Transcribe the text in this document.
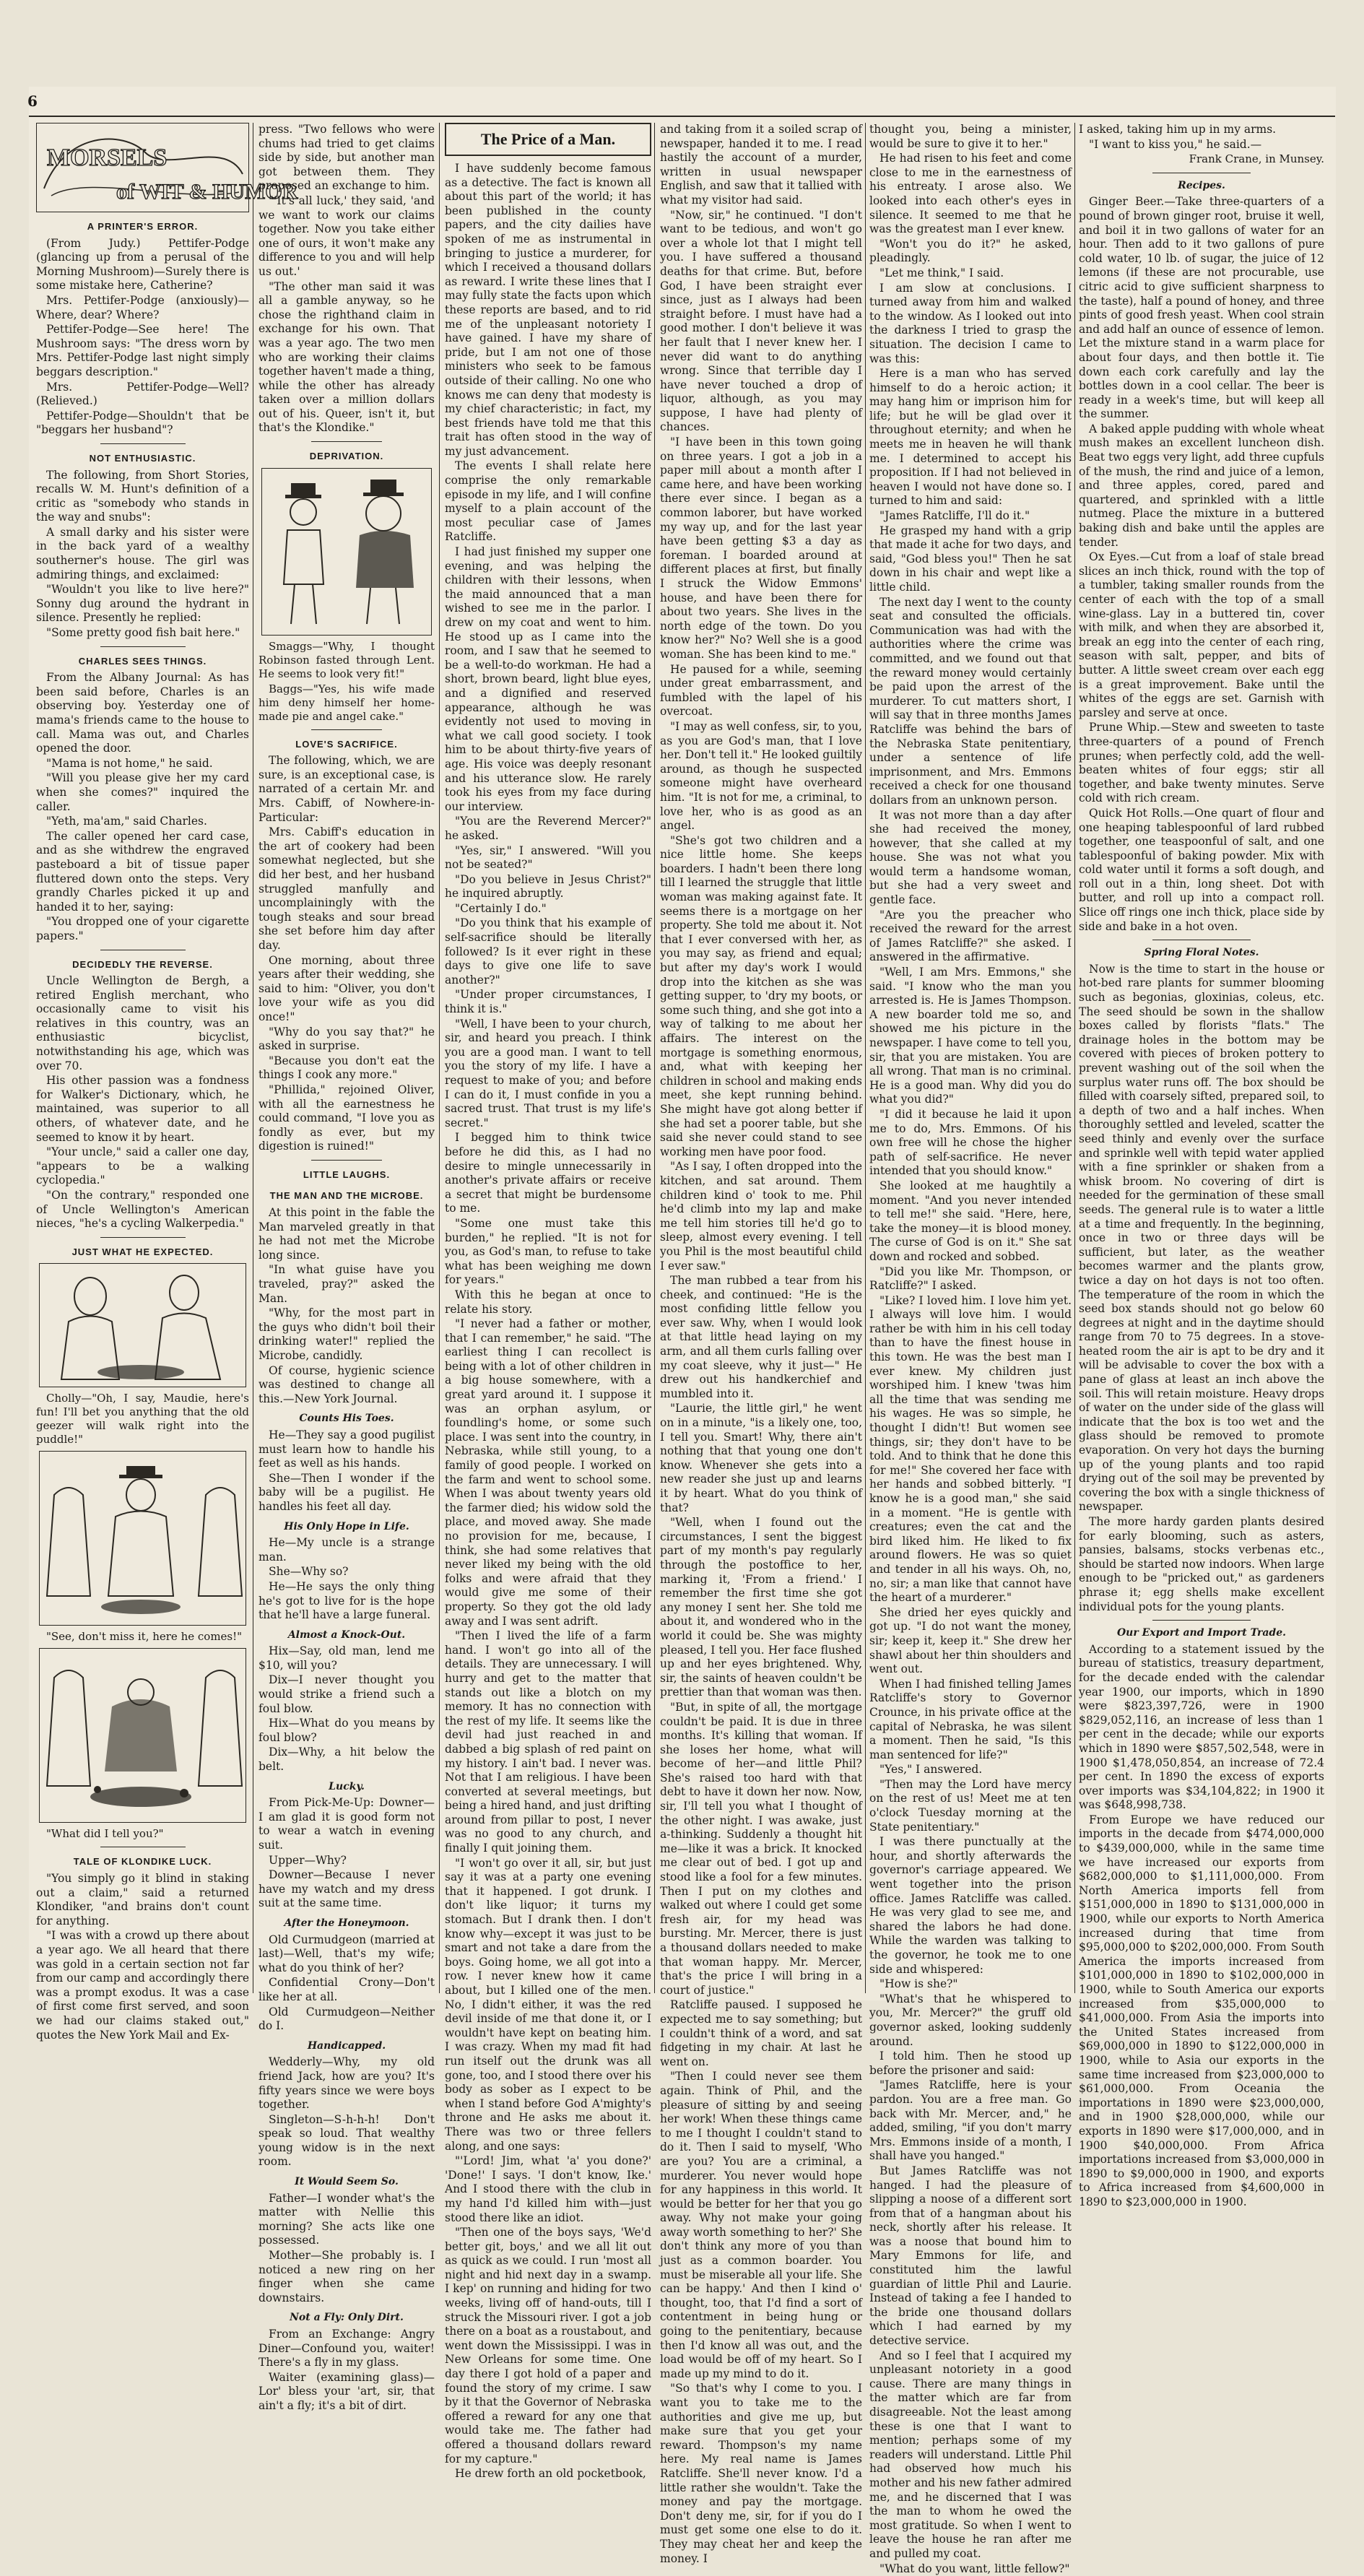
6
MORSELS
of WIT & HUMOR
A PRINTER'S ERROR.

(From Judy.) Pettifer-Podge (glancing up from a perusal of the Morning Mushroom)—Surely there is some mistake here, Catherine?

Mrs. Pettifer-Podge (anxiously)—Where, dear? Where?

Pettifer-Podge—See here! The Mushroom says: "The dress worn by Mrs. Pettifer-Podge last night simply beggars description."

Mrs. Pettifer-Podge—Well? (Relieved.)

Pettifer-Podge—Shouldn't that be "beggars her husband"?

NOT ENTHUSIASTIC.

The following, from Short Stories, recalls W. M. Hunt's definition of a critic as "somebody who stands in the way and snubs":

A small darky and his sister were in the back yard of a wealthy southerner's house. The girl was admiring things, and exclaimed:

"Wouldn't you like to live here?" Sonny dug around the hydrant in silence. Presently he replied:

"Some pretty good fish bait here."

CHARLES SEES THINGS.

From the Albany Journal: As has been said before, Charles is an observing boy. Yesterday one of mama's friends came to the house to call. Mama was out, and Charles opened the door.

"Mama is not home," he said.

"Will you please give her my card when she comes?" inquired the caller.

"Yeth, ma'am," said Charles.

The caller opened her card case, and as she withdrew the engraved pasteboard a bit of tissue paper fluttered down onto the steps. Very grandly Charles picked it up and handed it to her, saying:

"You dropped one of your cigarette papers."

DECIDEDLY THE REVERSE.

Uncle Wellington de Bergh, a retired English merchant, who occasionally came to visit his relatives in this country, was an enthusiastic bicyclist, notwithstanding his age, which was over 70.

His other passion was a fondness for Walker's Dictionary, which, he maintained, was superior to all others, of whatever date, and he seemed to know it by heart.

"Your uncle," said a caller one day, "appears to be a walking cyclopedia."

"On the contrary," responded one of Uncle Wellington's American nieces, "he's a cycling Walkerpedia."

JUST WHAT HE EXPECTED.

Cholly—"Oh, I say, Maudie, here's fun! I'll bet you anything that the old geezer will walk right into the puddle!"

"See, don't miss it, here he comes!"

"What did I tell you?"

TALE OF KLONDIKE LUCK.

"You simply go it blind in staking out a claim," said a returned Klondiker, "and brains don't count for anything.

"I was with a crowd up there about a year ago. We all heard that there was gold in a certain section not far from our camp and accordingly there was a prompt exodus. It was a case of first come first served, and soon we had our claims staked out," quotes the New York Mail and Ex-

press. "Two fellows who were chums had tried to get claims side by side, but another man got between them. They proposed an exchange to him.

"'It's all luck,' they said, 'and we want to work our claims together. Now you take either one of ours, it won't make any difference to you and will help us out.'

"The other man said it was all a gamble anyway, so he chose the righthand claim in exchange for his own. That was a year ago. The two men who are working their claims together haven't made a thing, while the other has already taken over a million dollars out of his. Queer, isn't it, but that's the Klondike."

DEPRIVATION.

Smaggs—"Why, I thought Robinson fasted through Lent. He seems to look very fit!"

Baggs—"Yes, his wife made him deny himself her home-made pie and angel cake."

LOVE'S SACRIFICE.

The following, which, we are sure, is an exceptional case, is narrated of a certain Mr. and Mrs. Cabiff, of Nowhere-in-Particular:

Mrs. Cabiff's education in the art of cookery had been somewhat neglected, but she did her best, and her husband struggled manfully and uncomplainingly with the tough steaks and sour bread she set before him day after day.

One morning, about three years after their wedding, she said to him: "Oliver, you don't love your wife as you did once!"

"Why do you say that?" he asked in surprise.

"Because you don't eat the things I cook any more."

"Phillida," rejoined Oliver, with all the earnestness he could command, "I love you as fondly as ever, but my digestion is ruined!"

LITTLE LAUGHS.
THE MAN AND THE MICROBE.

At this point in the fable the Man marveled greatly in that he had not met the Microbe long since.

"In what guise have you traveled, pray?" asked the Man.

"Why, for the most part in the guys who didn't boil their drinking water!" replied the Microbe, candidly.

Of course, hygienic science was destined to change all this.—New York Journal.

Counts His Toes.

He—They say a good pugilist must learn how to handle his feet as well as his hands.

She—Then I wonder if the baby will be a pugilist. He handles his feet all day.

His Only Hope in Life.

He—My uncle is a strange man.

She—Why so?

He—He says the only thing he's got to live for is the hope that he'll have a large funeral.

Almost a Knock-Out.

Hix—Say, old man, lend me $10, will you?

Dix—I never thought you would strike a friend such a foul blow.

Hix—What do you means by foul blow?

Dix—Why, a hit below the belt.

Lucky.

From Pick-Me-Up: Downer—I am glad it is good form not to wear a watch in evening suit.

Upper—Why?

Downer—Because I never have my watch and my dress suit at the same time.

After the Honeymoon.

Old Curmudgeon (married at last)—Well, that's my wife; what do you think of her?

Confidential Crony—Don't like her at all.

Old Curmudgeon—Neither do I.

Handicapped.

Wedderly—Why, my old friend Jack, how are you? It's fifty years since we were boys together.

Singleton—S-h-h-h! Don't speak so loud. That wealthy young widow is in the next room.

It Would Seem So.

Father—I wonder what's the matter with Nellie this morning? She acts like one possessed.

Mother—She probably is. I noticed a new ring on her finger when she came downstairs.

Not a Fly: Only Dirt.

From an Exchange: Angry Diner—Confound you, waiter! There's a fly in my glass.

Waiter (examining glass)—Lor' bless your 'art, sir, that ain't a fly; it's a bit of dirt.

The Price of a Man.

I have suddenly become famous as a detective. The fact is known all about this part of the world; it has been published in the county papers, and the city dailies have spoken of me as instrumental in bringing to justice a murderer, for which I received a thousand dollars as reward. I write these lines that I may fully state the facts upon which these reports are based, and to rid me of the unpleasant notoriety I have gained. I have my share of pride, but I am not one of those ministers who seek to be famous outside of their calling. No one who knows me can deny that modesty is my chief characteristic; in fact, my best friends have told me that this trait has often stood in the way of my just advancement.

The events I shall relate here comprise the only remarkable episode in my life, and I will confine myself to a plain account of the most peculiar case of James Ratcliffe.

I had just finished my supper one evening, and was helping the children with their lessons, when the maid announced that a man wished to see me in the parlor. I drew on my coat and went to him. He stood up as I came into the room, and I saw that he seemed to be a well-to-do workman. He had a short, brown beard, light blue eyes, and a dignified and reserved appearance, although he was evidently not used to moving in what we call good society. I took him to be about thirty-five years of age. His voice was deeply resonant and his utterance slow. He rarely took his eyes from my face during our interview.

"You are the Reverend Mercer?" he asked.

"Yes, sir," I answered. "Will you not be seated?"

"Do you believe in Jesus Christ?" he inquired abruptly.

"Certainly I do."

"Do you think that his example of self-sacrifice should be literally followed? Is it ever right in these days to give one life to save another?"

"Under proper circumstances, I think it is."

"Well, I have been to your church, sir, and heard you preach. I think you are a good man. I want to tell you the story of my life. I have a request to make of you; and before I can do it, I must confide in you a sacred trust. That trust is my life's secret."

I begged him to think twice before he did this, as I had no desire to mingle unnecessarily in another's private affairs or receive a secret that might be burdensome to me.

"Some one must take this burden," he replied. "It is not for you, as God's man, to refuse to take what has been weighing me down for years."

With this he began at once to relate his story.

"I never had a father or mother, that I can remember," he said. "The earliest thing I can recollect is being with a lot of other children in a big house somewhere, with a great yard around it. I suppose it was an orphan asylum, or foundling's home, or some such place. I was sent into the country, in Nebraska, while still young, to a family of good people. I worked on the farm and went to school some. When I was about twenty years old the farmer died; his widow sold the place, and moved away. She made no provision for me, because, I think, she had some relatives that never liked my being with the old folks and were afraid that they would give me some of their property. So they got the old lady away and I was sent adrift.

"Then I lived the life of a farm hand. I won't go into all of the details. They are unnecessary. I will hurry and get to the matter that stands out like a blotch on my memory. It has no connection with the rest of my life. It seems like the devil had just reached in and dabbed a big splash of red paint on my history. I ain't bad. I never was. Not that I am religious. I have been converted at several meetings, but being a hired hand, and just drifting around from pillar to post, I never was no good to any church, and finally I quit joining them.

"I won't go over it all, sir, but just say it was at a party one evening that it happened. I got drunk. I don't like liquor; it turns my stomach. But I drank then. I don't know why—except it was just to be smart and not take a dare from the boys. Going home, we all got into a row. I never knew how it came about, but I killed one of the men. No, I didn't either, it was the red devil inside of me that done it, or I wouldn't have kept on beating him. I was crazy. When my mad fit had run itself out the drunk was all gone, too, and I stood there over his body as sober as I expect to be when I stand before God A'mighty's throne and He asks me about it. There was two or three fellers along, and one says:

"'Lord! Jim, what 'a' you done?' 'Done!' I says. 'I don't know, Ike.' And I stood there with the club in my hand I'd killed him with—just stood there like an idiot.

"Then one of the boys says, 'We'd better git, boys,' and we all lit out as quick as we could. I run 'most all night and hid next day in a swamp. I kep' on running and hiding for two weeks, living off of hand-outs, till I struck the Missouri river. I got a job there on a boat as a roustabout, and went down the Mississippi. I was in New Orleans for some time. One day there I got hold of a paper and found the story of my crime. I saw by it that the Governor of Nebraska offered a reward for any one that would take me. The father had offered a thousand dollars reward for my capture."

He drew forth an old pocketbook,

and taking from it a soiled scrap of newspaper, handed it to me. I read hastily the account of a murder, written in usual newspaper English, and saw that it tallied with what my visitor had said.

"Now, sir," he continued. "I don't want to be tedious, and won't go over a whole lot that I might tell you. I have suffered a thousand deaths for that crime. But, before God, I have been straight ever since, just as I always had been straight before. I must have had a good mother. I don't believe it was her fault that I never knew her. I never did want to do anything wrong. Since that terrible day I have never touched a drop of liquor, although, as you may suppose, I have had plenty of chances.

"I have been in this town going on three years. I got a job in a paper mill about a month after I came here, and have been working there ever since. I began as a common laborer, but have worked my way up, and for the last year have been getting $3 a day as foreman. I boarded around at different places at first, but finally I struck the Widow Emmons' house, and have been there for about two years. She lives in the north edge of the town. Do you know her?" No? Well she is a good woman. She has been kind to me."

He paused for a while, seeming under great embarrassment, and fumbled with the lapel of his overcoat.

"I may as well confess, sir, to you, as you are God's man, that I love her. Don't tell it." He looked guiltily around, as though he suspected someone might have overheard him. "It is not for me, a criminal, to love her, who is as good as an angel.

"She's got two children and a nice little home. She keeps boarders. I hadn't been there long till I learned the struggle that little woman was making against fate. It seems there is a mortgage on her property. She told me about it. Not that I ever conversed with her, as you may say, as friend and equal; but after my day's work I would drop into the kitchen as she was getting supper, to 'dry my boots, or some such thing, and she got into a way of talking to me about her affairs. The interest on the mortgage is something enormous, and, what with keeping her children in school and making ends meet, she kept running behind. She might have got along better if she had set a poorer table, but she said she never could stand to see working men have poor food.

"As I say, I often dropped into the kitchen, and sat around. Them children kind o' took to me. Phil he'd climb into my lap and make me tell him stories till he'd go to sleep, almost every evening. I tell you Phil is the most beautiful child I ever saw."

The man rubbed a tear from his cheek, and continued: "He is the most confiding little fellow you ever saw. Why, when I would look at that little head laying on my arm, and all them curls falling over my coat sleeve, why it just—" He drew out his handkerchief and mumbled into it.

"Laurie, the little girl," he went on in a minute, "is a likely one, too, I tell you. Smart! Why, there ain't nothing that that young one don't know. Whenever she gets into a new reader she just up and learns it by heart. What do you think of that?

"Well, when I found out the circumstances, I sent the biggest part of my month's pay regularly through the postoffice to her, marking it, 'From a friend.' I remember the first time she got any money I sent her. She told me about it, and wondered who in the world it could be. She was mighty pleased, I tell you. Her face flushed up and her eyes brightened. Why, sir, the saints of heaven couldn't be prettier than that woman was then.

"But, in spite of all, the mortgage couldn't be paid. It is due in three months. It's killing that woman. If she loses her home, what will become of her—and little Phil? She's raised too hard with that debt to have it down her now. Now, sir, I'll tell you what I thought of the other night. I was awake, just a-thinking. Suddenly a thought hit me—like it was a brick. It knocked me clear out of bed. I got up and stood like a fool for a few minutes. Then I put on my clothes and walked out where I could get some fresh air, for my head was bursting. Mr. Mercer, there is just a thousand dollars needed to make that woman happy. Mr. Mercer, that's the price I will bring in a court of justice."

Ratcliffe paused. I supposed he expected me to say something; but I couldn't think of a word, and sat fidgeting in my chair. At last he went on.

"Then I could never see them again. Think of Phil, and the pleasure of sitting by and seeing her work! When these things came to me I thought I couldn't stand to do it. Then I said to myself, 'Who are you? You are a criminal, a murderer. You never would hope for any happiness in this world. It would be better for her that you go away. Why not make your going away worth something to her?' She don't think any more of you than just as a common boarder. You must be miserable all your life. She can be happy.' And then I kind o' thought, too, that I'd find a sort of contentment in being hung or going to the penitentiary, because then I'd know all was out, and the load would be off of my heart. So I made up my mind to do it.

"So that's why I come to you. I want you to take me to the authorities and give me up, but make sure that you get your reward. Thompson's my name here. My real name is James Ratcliffe. She'll never know. I'd a little rather she wouldn't. Take the money and pay the mortgage. Don't deny me, sir, for if you do I must get some one else to do it. They may cheat her and keep the money. I

thought you, being a minister, would be sure to give it to her."

He had risen to his feet and come close to me in the earnestness of his entreaty. I arose also. We looked into each other's eyes in silence. It seemed to me that he was the greatest man I ever knew.

"Won't you do it?" he asked, pleadingly.

"Let me think," I said.

I am slow at conclusions. I turned away from him and walked to the window. As I looked out into the darkness I tried to grasp the situation. The decision I came to was this:

Here is a man who has served himself to do a heroic action; it may hang him or imprison him for life; but he will be glad over it throughout eternity; and when he meets me in heaven he will thank me. I determined to accept his proposition. If I had not believed in heaven I would not have done so. I turned to him and said:

"James Ratcliffe, I'll do it."

He grasped my hand with a grip that made it ache for two days, and said, "God bless you!" Then he sat down in his chair and wept like a little child.

The next day I went to the county seat and consulted the officials. Communication was had with the authorities where the crime was committed, and we found out that the reward money would certainly be paid upon the arrest of the murderer. To cut matters short, I will say that in three months James Ratcliffe was behind the bars of the Nebraska State penitentiary, under a sentence of life imprisonment, and Mrs. Emmons received a check for one thousand dollars from an unknown person.

It was not more than a day after she had received the money, however, that she called at my house. She was not what you would term a handsome woman, but she had a very sweet and gentle face.

"Are you the preacher who received the reward for the arrest of James Ratcliffe?" she asked. I answered in the affirmative.

"Well, I am Mrs. Emmons," she said. "I know who the man you arrested is. He is James Thompson. A new boarder told me so, and showed me his picture in the newspaper. I have come to tell you, sir, that you are mistaken. You are all wrong. That man is no criminal. He is a good man. Why did you do what you did?"

"I did it because he laid it upon me to do, Mrs. Emmons. Of his own free will he chose the higher path of self-sacrifice. He never intended that you should know."

She looked at me haughtily a moment. "And you never intended to tell me!" she said. "Here, here, take the money—it is blood money. The curse of God is on it." She sat down and rocked and sobbed.

"Did you like Mr. Thompson, or Ratcliffe?" I asked.

"Like? I loved him. I love him yet. I always will love him. I would rather be with him in his cell today than to have the finest house in this town. He was the best man I ever knew. My children just worshiped him. I knew 'twas him all the time that was sending me his wages. He was so simple, he thought I didn't! But women see things, sir; they don't have to be told. And to think that he done this for me!" She covered her face with her hands and sobbed bitterly. "I know he is a good man," she said in a moment. "He is gentle with creatures; even the cat and the bird liked him. He liked to fix around flowers. He was so quiet and tender in all his ways. Oh, no, no, sir; a man like that cannot have the heart of a murderer."

She dried her eyes quickly and got up. "I do not want the money, sir; keep it, keep it." She drew her shawl about her thin shoulders and went out.

When I had finished telling James Ratcliffe's story to Governor Crounce, in his private office at the capital of Nebraska, he was silent a moment. Then he said, "Is this man sentenced for life?"

"Yes," I answered.

"Then may the Lord have mercy on the rest of us! Meet me at ten o'clock Tuesday morning at the State penitentiary."

I was there punctually at the hour, and shortly afterwards the governor's carriage appeared. We went together into the prison office. James Ratcliffe was called. He was very glad to see me, and shared the labors he had done. While the warden was talking to the governor, he took me to one side and whispered:

"How is she?"

"What's that he whispered to you, Mr. Mercer?" the gruff old governor asked, looking suddenly around.

I told him. Then he stood up before the prisoner and said:

"James Ratcliffe, here is your pardon. You are a free man. Go back with Mr. Mercer, and," he added, smiling, "if you don't marry Mrs. Emmons inside of a month, I shall have you hanged."

But James Ratcliffe was not hanged. I had the pleasure of slipping a noose of a different sort from that of a hangman about his neck, shortly after his release. It was a noose that bound him to Mary Emmons for life, and constituted him the lawful guardian of little Phil and Laurie. Instead of taking a fee I handed to the bride one thousand dollars which I had earned by my detective service.

And so I feel that I acquired my unpleasant notoriety in a good cause. There are many things in the matter which are far from disagreeable. Not the least among these is one that I want to mention; perhaps some of my readers will understand. Little Phil had observed how much his mother and his new father admired me, and he discerned that I was the man to whom he owed the most gratitude. So when I went to leave the house he ran after me and pulled my coat.

"What do you want, little fellow?"

I asked, taking him up in my arms.

"I want to kiss you," he said.—

Frank Crane, in Munsey.

Recipes.

Ginger Beer.—Take three-quarters of a pound of brown ginger root, bruise it well, and boil it in two gallons of water for an hour. Then add to it two gallons of pure cold water, 10 lb. of sugar, the juice of 12 lemons (if these are not procurable, use citric acid to give sufficient sharpness to the taste), half a pound of honey, and three pints of good fresh yeast. When cool strain and add half an ounce of essence of lemon. Let the mixture stand in a warm place for about four days, and then bottle it. Tie down each cork carefully and lay the bottles down in a cool cellar. The beer is ready in a week's time, but will keep all the summer.

A baked apple pudding with whole wheat mush makes an excellent luncheon dish. Beat two eggs very light, add three cupfuls of the mush, the rind and juice of a lemon, and three apples, cored, pared and quartered, and sprinkled with a little nutmeg. Place the mixture in a buttered baking dish and bake until the apples are tender.

Ox Eyes.—Cut from a loaf of stale bread slices an inch thick, round with the top of a tumbler, taking smaller rounds from the center of each with the top of a small wine-glass. Lay in a buttered tin, cover with milk, and when they are absorbed it, break an egg into the center of each ring, season with salt, pepper, and bits of butter. A little sweet cream over each egg is a great improvement. Bake until the whites of the eggs are set. Garnish with parsley and serve at once.

Prune Whip.—Stew and sweeten to taste three-quarters of a pound of French prunes; when perfectly cold, add the well-beaten whites of four eggs; stir all together, and bake twenty minutes. Serve cold with rich cream.

Quick Hot Rolls.—One quart of flour and one heaping tablespoonful of lard rubbed together, one teaspoonful of salt, and one tablespoonful of baking powder. Mix with cold water until it forms a soft dough, and roll out in a thin, long sheet. Dot with butter, and roll up into a compact roll. Slice off rings one inch thick, place side by side and bake in a hot oven.

Spring Floral Notes.

Now is the time to start in the house or hot-bed rare plants for summer blooming such as begonias, gloxinias, coleus, etc. The seed should be sown in the shallow boxes called by florists "flats." The drainage holes in the bottom may be covered with pieces of broken pottery to prevent washing out of the soil when the surplus water runs off. The box should be filled with coarsely sifted, prepared soil, to a depth of two and a half inches. When thoroughly settled and leveled, scatter the seed thinly and evenly over the surface and sprinkle well with tepid water applied with a fine sprinkler or shaken from a whisk broom. No covering of dirt is needed for the germination of these small seeds. The general rule is to water a little at a time and frequently. In the beginning, once in two or three days will be sufficient, but later, as the weather becomes warmer and the plants grow, twice a day on hot days is not too often. The temperature of the room in which the seed box stands should not go below 60 degrees at night and in the daytime should range from 70 to 75 degrees. In a stove-heated room the air is apt to be dry and it will be advisable to cover the box with a pane of glass at least an inch above the soil. This will retain moisture. Heavy drops of water on the under side of the glass will indicate that the box is too wet and the glass should be removed to promote evaporation. On very hot days the burning up of the young plants and too rapid drying out of the soil may be prevented by covering the box with a single thickness of newspaper.

The more hardy garden plants desired for early blooming, such as asters, pansies, balsams, stocks verbenas etc., should be started now indoors. When large enough to be "pricked out," as gardeners phrase it; egg shells make excellent individual pots for the young plants.

Our Export and Import Trade.

According to a statement issued by the bureau of statistics, treasury department, for the decade ended with the calendar year 1900, our imports, which in 1890 were $823,397,726, were in 1900 $829,052,116, an increase of less than 1 per cent in the decade; while our exports which in 1890 were $857,502,548, were in 1900 $1,478,050,854, an increase of 72.4 per cent. In 1890 the excess of exports over imports was $34,104,822; in 1900 it was $648,998,738.

From Europe we have reduced our imports in the decade from $474,000,000 to $439,000,000, while in the same time we have increased our exports from $682,000,000 to $1,111,000,000. From North America imports fell from $151,000,000 in 1890 to $131,000,000 in 1900, while our exports to North America increased during that time from $95,000,000 to $202,000,000. From South America the imports increased from $101,000,000 in 1890 to $102,000,000 in 1900, while to South America our exports increased from $35,000,000 to $41,000,000. From Asia the imports into the United States increased from $69,000,000 in 1890 to $122,000,000 in 1900, while to Asia our exports in the same time increased from $23,000,000 to $61,000,000. From Oceania the importations in 1890 were $23,000,000, and in 1900 $28,000,000, while our exports in 1890 were $17,000,000, and in 1900 $40,000,000. From Africa importations increased from $3,000,000 in 1890 to $9,000,000 in 1900, and exports to Africa increased from $4,600,000 in 1890 to $23,000,000 in 1900.
